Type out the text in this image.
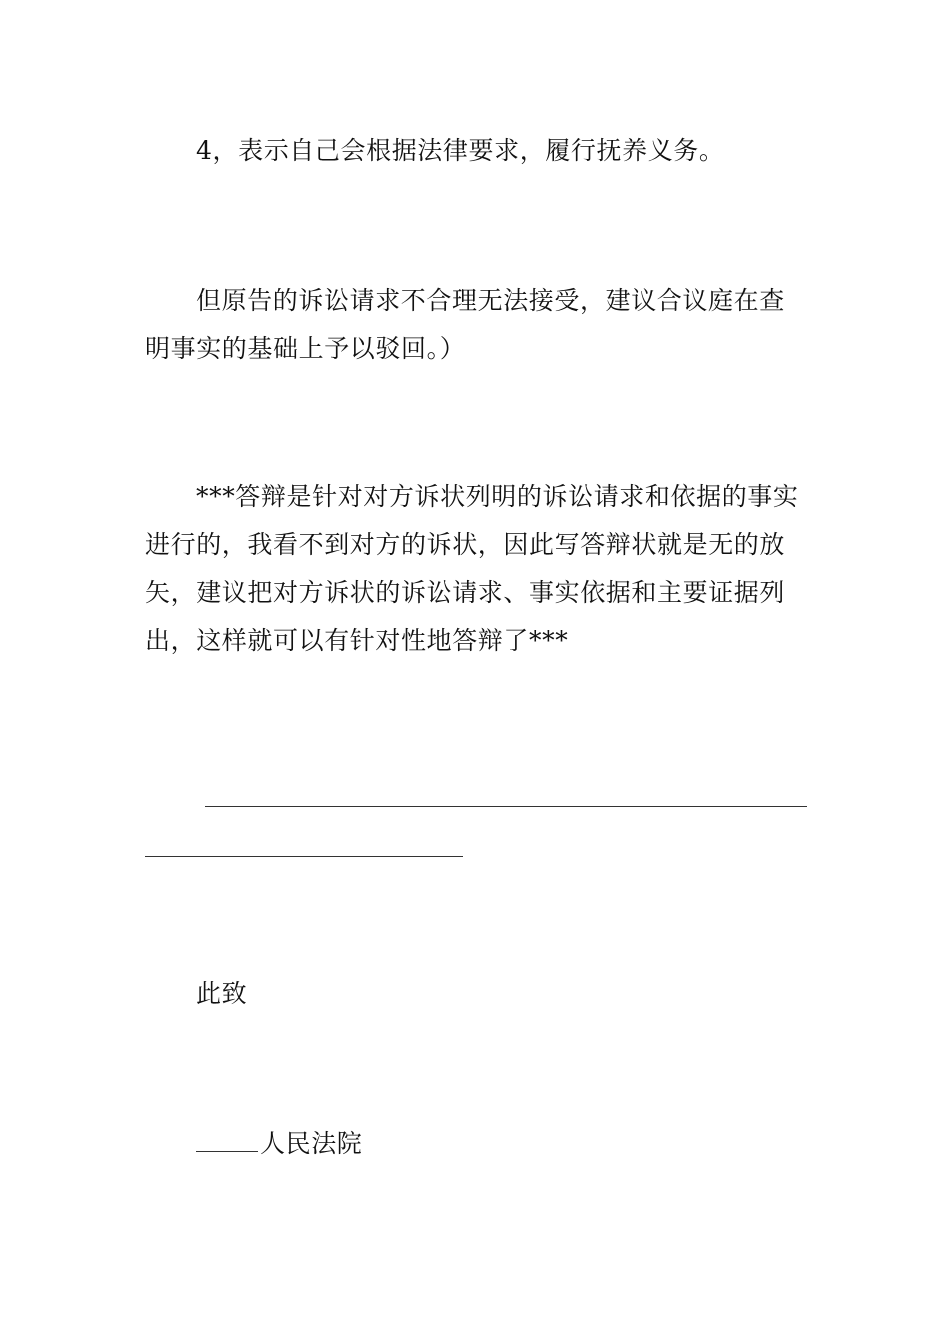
4，表示自己会根据法律要求，履行抚养义务。

但原告的诉讼请求不合理无法接受，建议合议庭在查明事实的基础上予以驳回。）

***答辩是针对对方诉状列明的诉讼请求和依据的事实进行的，我看不到对方的诉状，因此写答辩状就是无的放矢，建议把对方诉状的诉讼请求、事实依据和主要证据列出，这样就可以有针对性地答辩了***

此致

人民法院
